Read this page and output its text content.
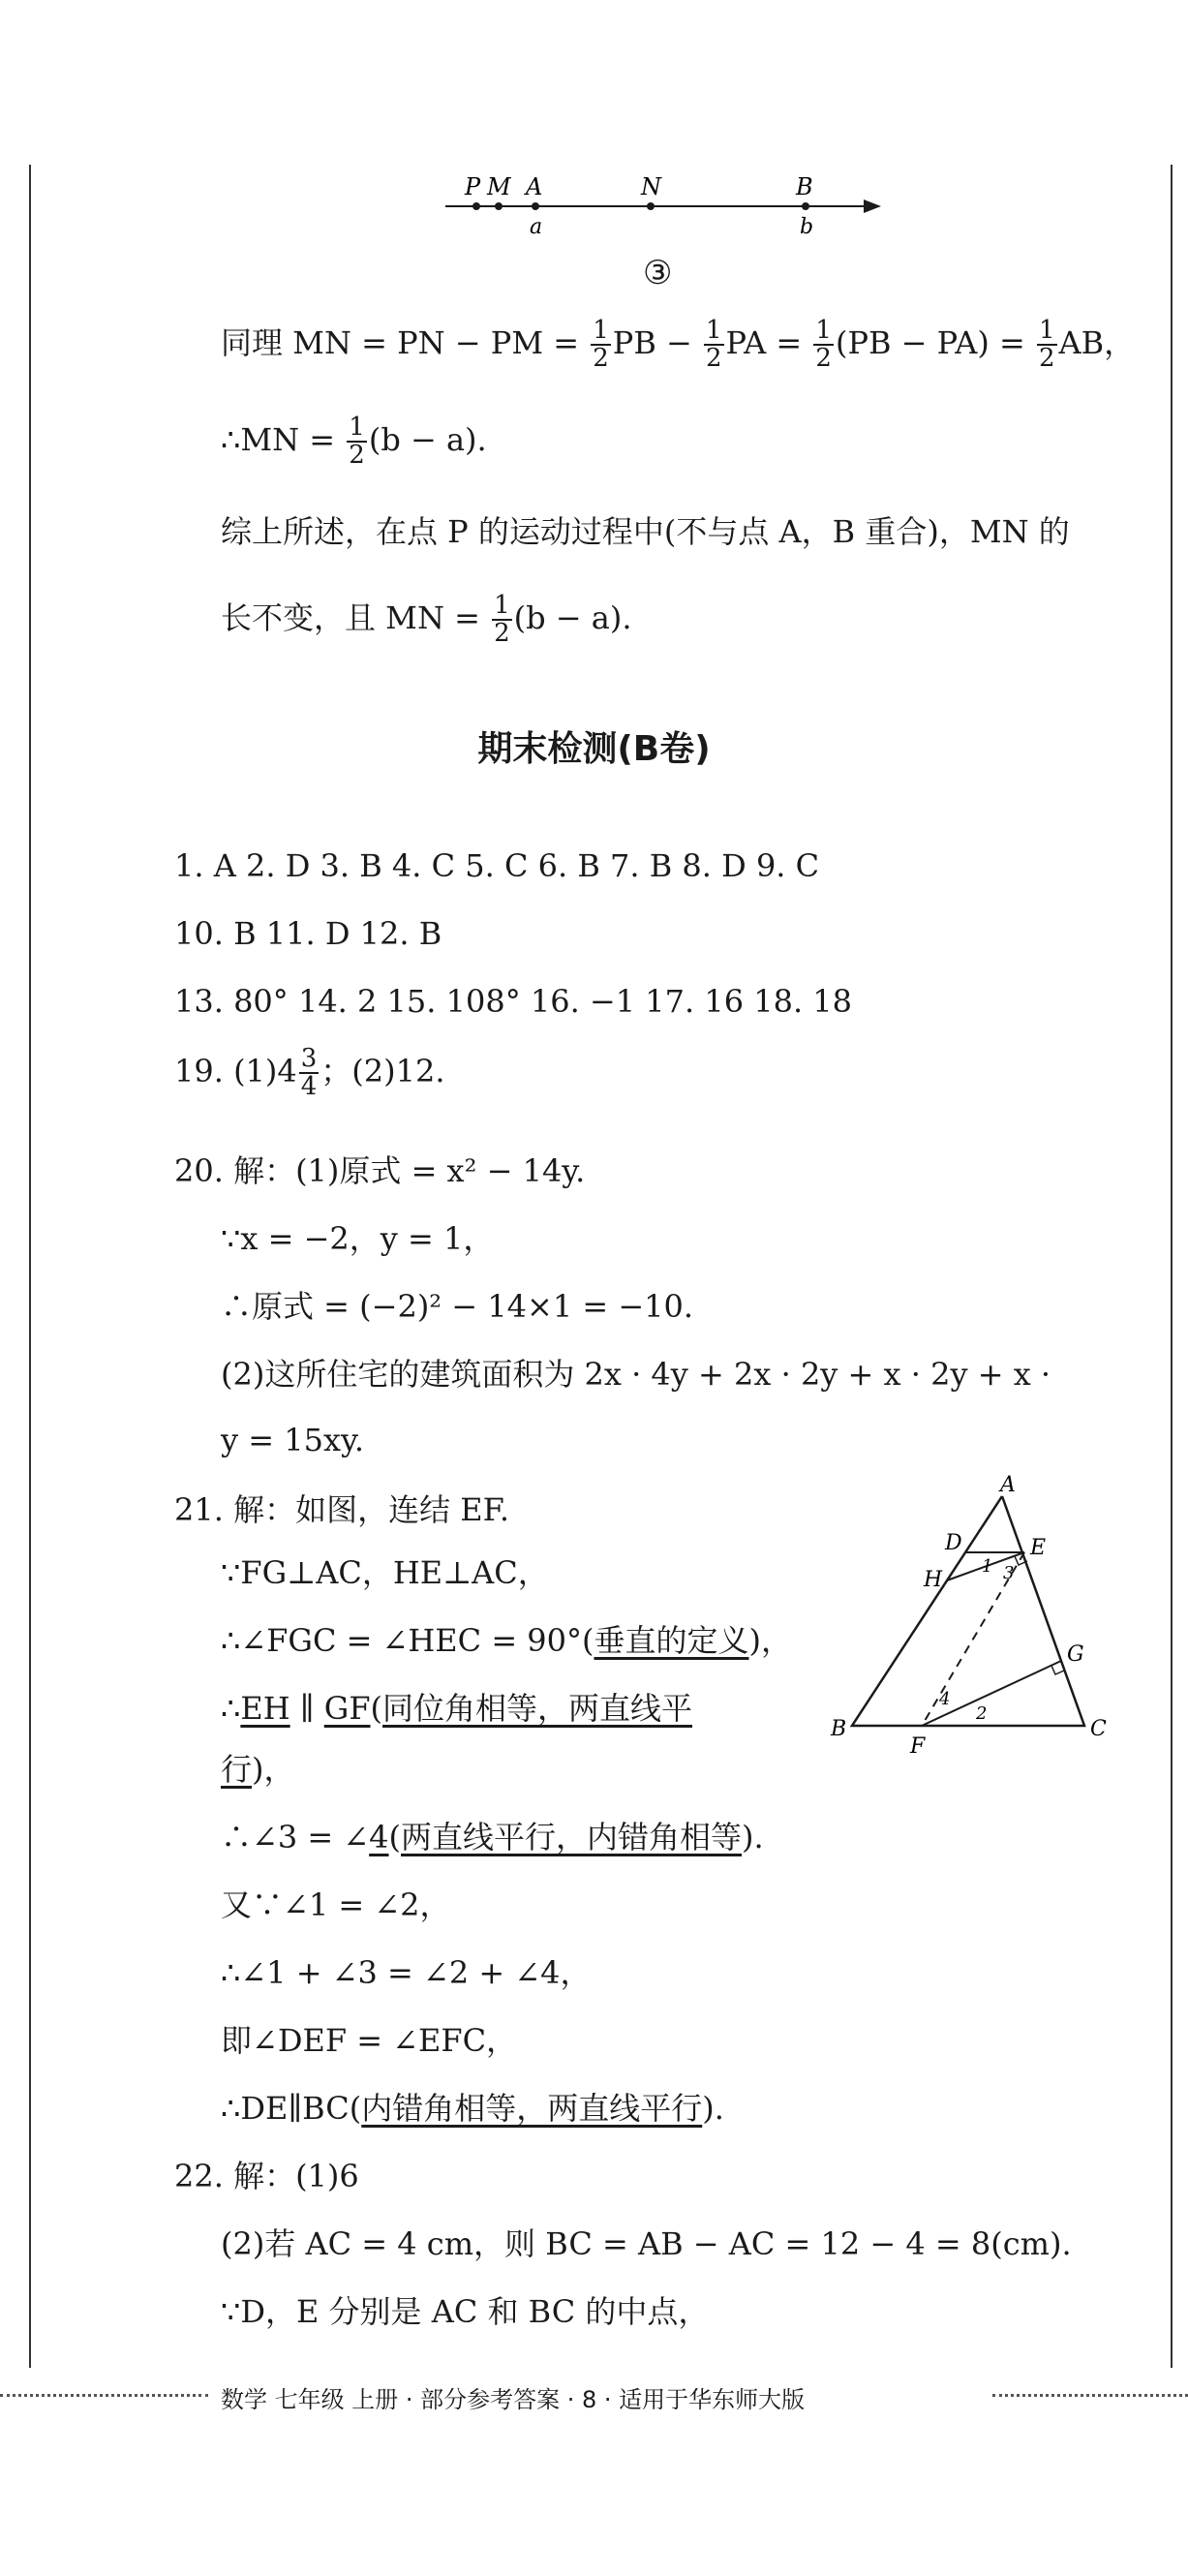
P M A	N	B
a	b
③
同理 MN = PN − PM = $\frac{1}{2}$ PB − $\frac{1}{2}$ PA = $\frac{1}{2} (PB - PA) = \frac{1}{2}$ AB，
∴MN = $\frac{1}{2} (b - a)$.
综上所述，在点 P 的运动过程中(不与点 A，B 重合)，MN 的
长不变，且 MN = $\frac{1}{2} (b - a)$.
期末检测(B卷)
1. A 2. D 3. B 4. C 5. C 6. B 7. B 8. D 9. C
10. B 11. D 12. B
13. 80° 14. 2 15. 108° 16. −1 17. 16 18. 18
19. $(1)4 \frac{3}{4}$ ；(2)12.
20. 解：(1)原式 = x² − 14y.
∵x = −2，y = 1，
∴原式 = (−2)² − 14×1 = −10.
(2)这所住宅的建筑面积为 2x · 4y + 2x · 2y + x · 2y + x ·
y = 15xy.
21. 解：如图，连结 EF.
∵FG⊥AC，HE⊥AC，
∴∠FGC = ∠HEC = 90°(垂直的定义)，
∴EH ∥ GF(同位角相等，两直线平
行)，
∴∠3 = ∠4(两直线平行，内错角相等).
又∵∠1 = ∠2，
∴∠1 + ∠3 = ∠2 + ∠4，
即∠DEF = ∠EFC，
∴DE∥BC(内错角相等，两直线平行).
A
B	C
D	E
F
G
H
1
2
3
4
22. 解：(1)6
(2)若 AC = 4 cm，则 BC = AB − AC = 12 − 4 = 8(cm).
∵D，E 分别是 AC 和 BC 的中点，
数学 七年级 上册 · 部分参考答案 · 8 · 适用于华东师大版
